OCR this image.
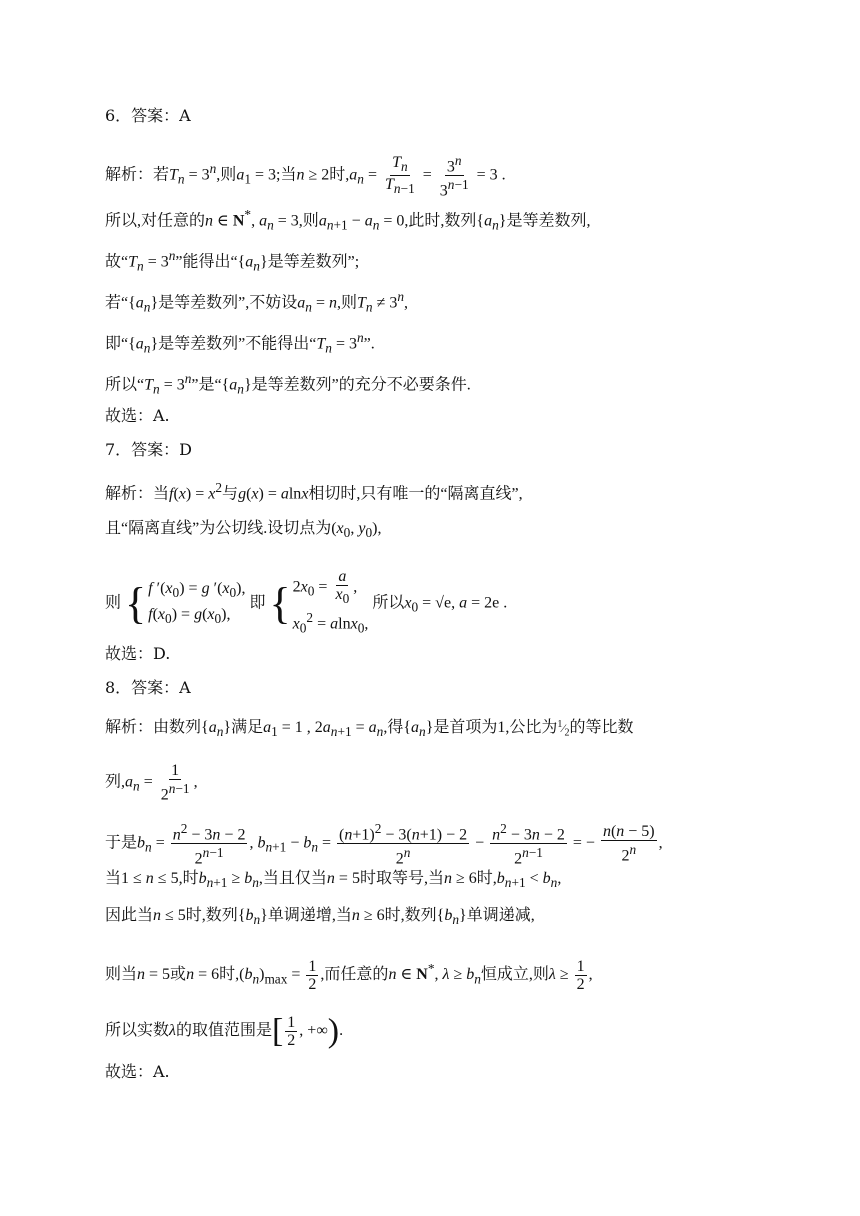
6．答案：A
解析：若$T_n = 3^n$,则$a_1 = 3$;当n ≥ 2时$,a_n = \frac{T_n}{T_{n-1}} = \frac{3^n}{3^{n-1}} = 3$ .
所以,对任意的n ∈ N*, $a_n = 3$,则$a_{n+1} - a_n = 0$,此时,数列$\{a_n\}$是等差数列,
故“$T_n = 3^n$”能得出“$\{a_n\}$是等差数列”;
若“$\{a_n\}$是等差数列”,不妨设$a_n = n$,则$T_n \ne 3^n$,
即“$\{a_n\}$是等差数列”不能得出“$T_n = 3^n$”.
所以“$T_n = 3^n$”是“$\{a_n\}$是等差数列”的充分不必要条件.
故选：A.
7．答案：D
解析：当$f(x) = x^2$与g(x) = alnx相切时,只有唯一的“隔离直线”,
且“隔离直线”为公切线.设切点为($x_0$, $y_0$),
则 { f $'(x_0) = g$ $'(x_0)$,
$f(x_0) = g(x_0)$,
即 { $2x_0 = \frac{a}{x_0}$ ,
$x_0^2 = alnx_0$,
所以$x_0 = √e$, a = 2e .
故选：D.
8．答案：A
解析：由数列$\{a_n\}$满足$a_1 = 1$ , $2a_{n+1} = a_n$,得$\{a_n\}$是首项为1,公比为$^1⁄_2$的等比数
列$,a_n = \frac{1}{2^{n-1}}$ ,
于是$b_n = \frac{n^2 - 3n - 2}{2^{n-1}}$ , $b_{n+1} - b_n = \frac{(n+1)^2 - 3(n+1) - 2}{2^n} - \frac{n^2 - 3n - 2}{2^{n-1}}$ = − $\frac{n(n - 5)}{2^n}$ ,
当1 ≤ n ≤ 5,时$b_{n+1} \ge b_n$,当且仅当n = 5时取等号,当n ≥ 6时$,b_{n+1} < b_n$,
因此当n ≤ 5时,数列$\{b_n\}$单调递增,当n ≥ 6时,数列$\{b_n\}$单调递减,
则当n = 5或n = 6时$,(b_n)_{max} = \frac{1}{2}$ ,而任意的n ∈ N*, $\lambda \ge b_n$恒成立,则$\lambda \ge \frac{1}{2}$ ,
所以实数λ的取值范围是[ $\frac{1}{2}$ , +∞).
故选：A.
